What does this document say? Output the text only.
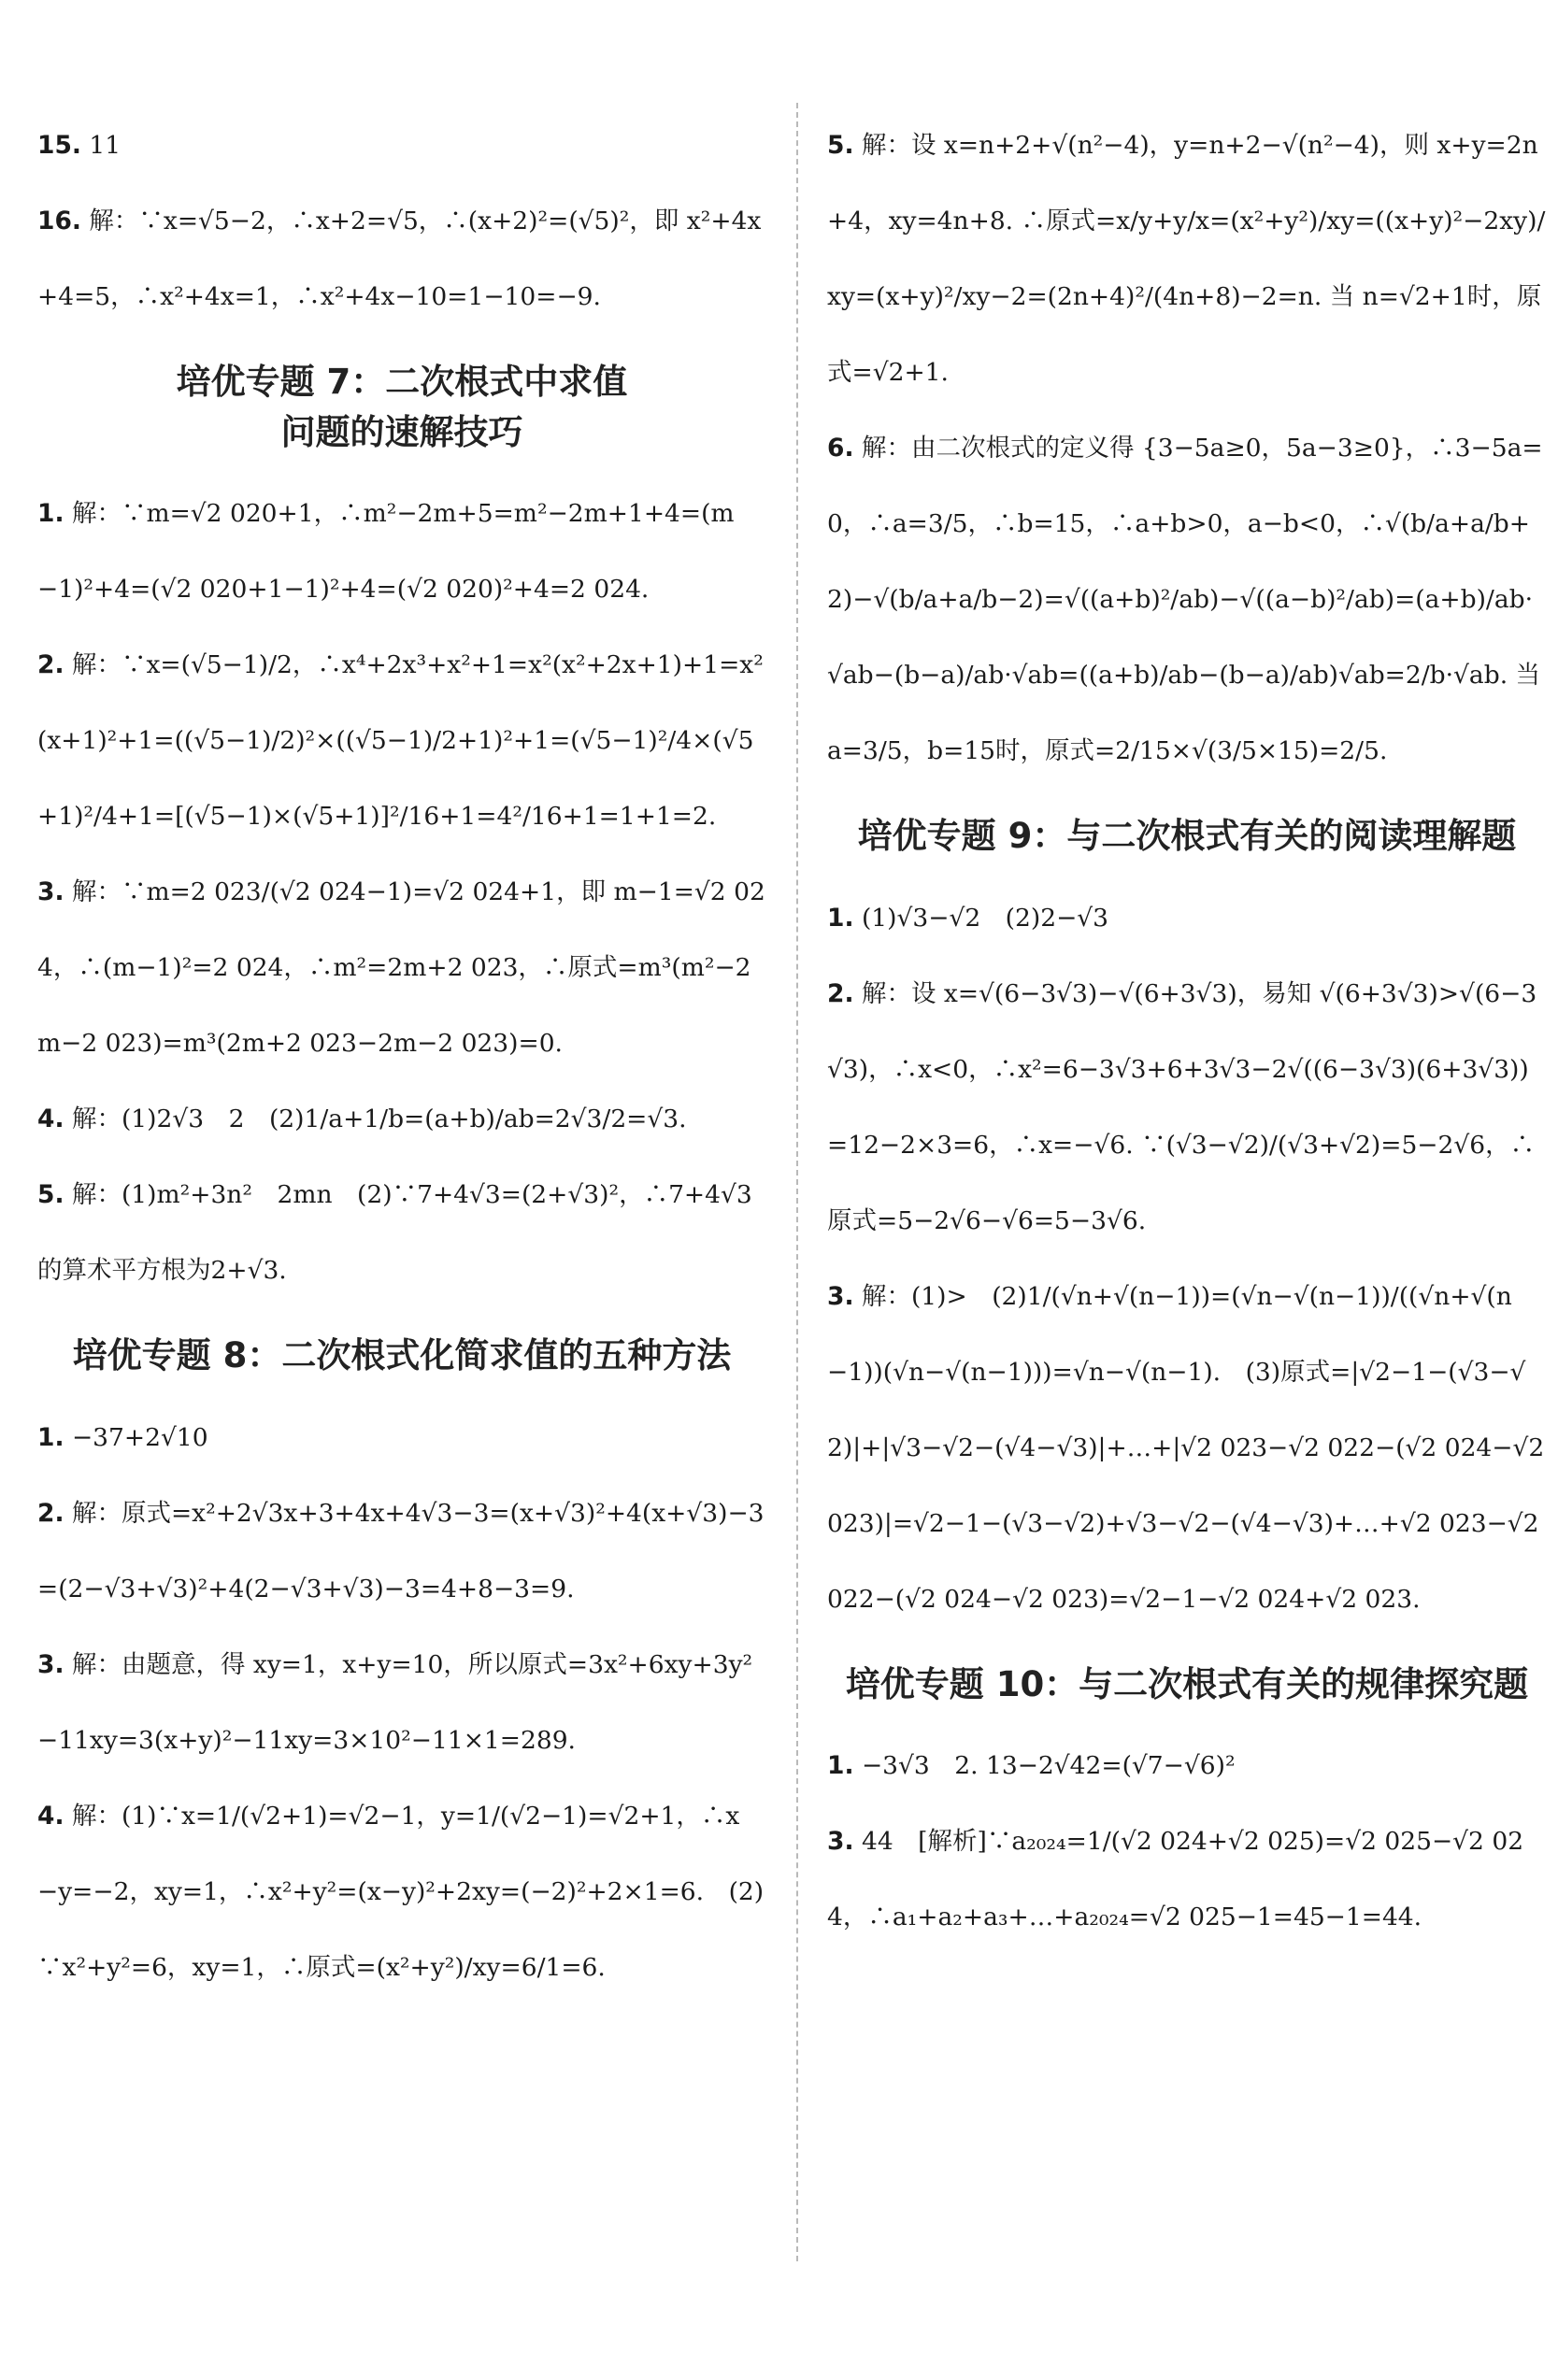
15. 11

16. 解：∵x=√5−2，∴x+2=√5，∴(x+2)²=(√5)²，即 x²+4x+4=5，∴x²+4x=1，∴x²+4x−10=1−10=−9.

培优专题 7：二次根式中求值
问题的速解技巧

1. 解：∵m=√2 020+1，∴m²−2m+5=m²−2m+1+4=(m−1)²+4=(√2 020+1−1)²+4=(√2 020)²+4=2 024.

2. 解：∵x=(√5−1)/2，∴x⁴+2x³+x²+1=x²(x²+2x+1)+1=x²(x+1)²+1=((√5−1)/2)²×((√5−1)/2+1)²+1=(√5−1)²/4×(√5+1)²/4+1=[(√5−1)×(√5+1)]²/16+1=4²/16+1=1+1=2.

3. 解：∵m=2 023/(√2 024−1)=√2 024+1，即 m−1=√2 024，∴(m−1)²=2 024，∴m²=2m+2 023，∴原式=m³(m²−2m−2 023)=m³(2m+2 023−2m−2 023)=0.

4. 解：(1)2√3　2　(2)1/a+1/b=(a+b)/ab=2√3/2=√3.

5. 解：(1)m²+3n²　2mn　(2)∵7+4√3=(2+√3)²，∴7+4√3的算术平方根为2+√3.

培优专题 8：二次根式化简求值的五种方法

1. −37+2√10

2. 解：原式=x²+2√3x+3+4x+4√3−3=(x+√3)²+4(x+√3)−3=(2−√3+√3)²+4(2−√3+√3)−3=4+8−3=9.

3. 解：由题意，得 xy=1，x+y=10，所以原式=3x²+6xy+3y²−11xy=3(x+y)²−11xy=3×10²−11×1=289.

4. 解：(1)∵x=1/(√2+1)=√2−1，y=1/(√2−1)=√2+1，∴x−y=−2，xy=1，∴x²+y²=(x−y)²+2xy=(−2)²+2×1=6.　(2)∵x²+y²=6，xy=1，∴原式=(x²+y²)/xy=6/1=6.

5. 解：设 x=n+2+√(n²−4)，y=n+2−√(n²−4)，则 x+y=2n+4，xy=4n+8. ∴原式=x/y+y/x=(x²+y²)/xy=((x+y)²−2xy)/xy=(x+y)²/xy−2=(2n+4)²/(4n+8)−2=n. 当 n=√2+1时，原式=√2+1.

6. 解：由二次根式的定义得 {3−5a≥0，5a−3≥0}，∴3−5a=0，∴a=3/5，∴b=15，∴a+b>0，a−b<0，∴√(b/a+a/b+2)−√(b/a+a/b−2)=√((a+b)²/ab)−√((a−b)²/ab)=(a+b)/ab·√ab−(b−a)/ab·√ab=((a+b)/ab−(b−a)/ab)√ab=2/b·√ab. 当 a=3/5，b=15时，原式=2/15×√(3/5×15)=2/5.

培优专题 9：与二次根式有关的阅读理解题

1. (1)√3−√2　(2)2−√3

2. 解：设 x=√(6−3√3)−√(6+3√3)，易知 √(6+3√3)>√(6−3√3)，∴x<0，∴x²=6−3√3+6+3√3−2√((6−3√3)(6+3√3))=12−2×3=6，∴x=−√6. ∵(√3−√2)/(√3+√2)=5−2√6，∴原式=5−2√6−√6=5−3√6.

3. 解：(1)>　(2)1/(√n+√(n−1))=(√n−√(n−1))/((√n+√(n−1))(√n−√(n−1)))=√n−√(n−1).　(3)原式=|√2−1−(√3−√2)|+|√3−√2−(√4−√3)|+…+|√2 023−√2 022−(√2 024−√2 023)|=√2−1−(√3−√2)+√3−√2−(√4−√3)+…+√2 023−√2 022−(√2 024−√2 023)=√2−1−√2 024+√2 023.

培优专题 10：与二次根式有关的规律探究题

1. −3√3　2. 13−2√42=(√7−√6)²

3. 44　[解析]∵a₂₀₂₄=1/(√2 024+√2 025)=√2 025−√2 024，∴a₁+a₂+a₃+…+a₂₀₂₄=√2 025−1=45−1=44.
